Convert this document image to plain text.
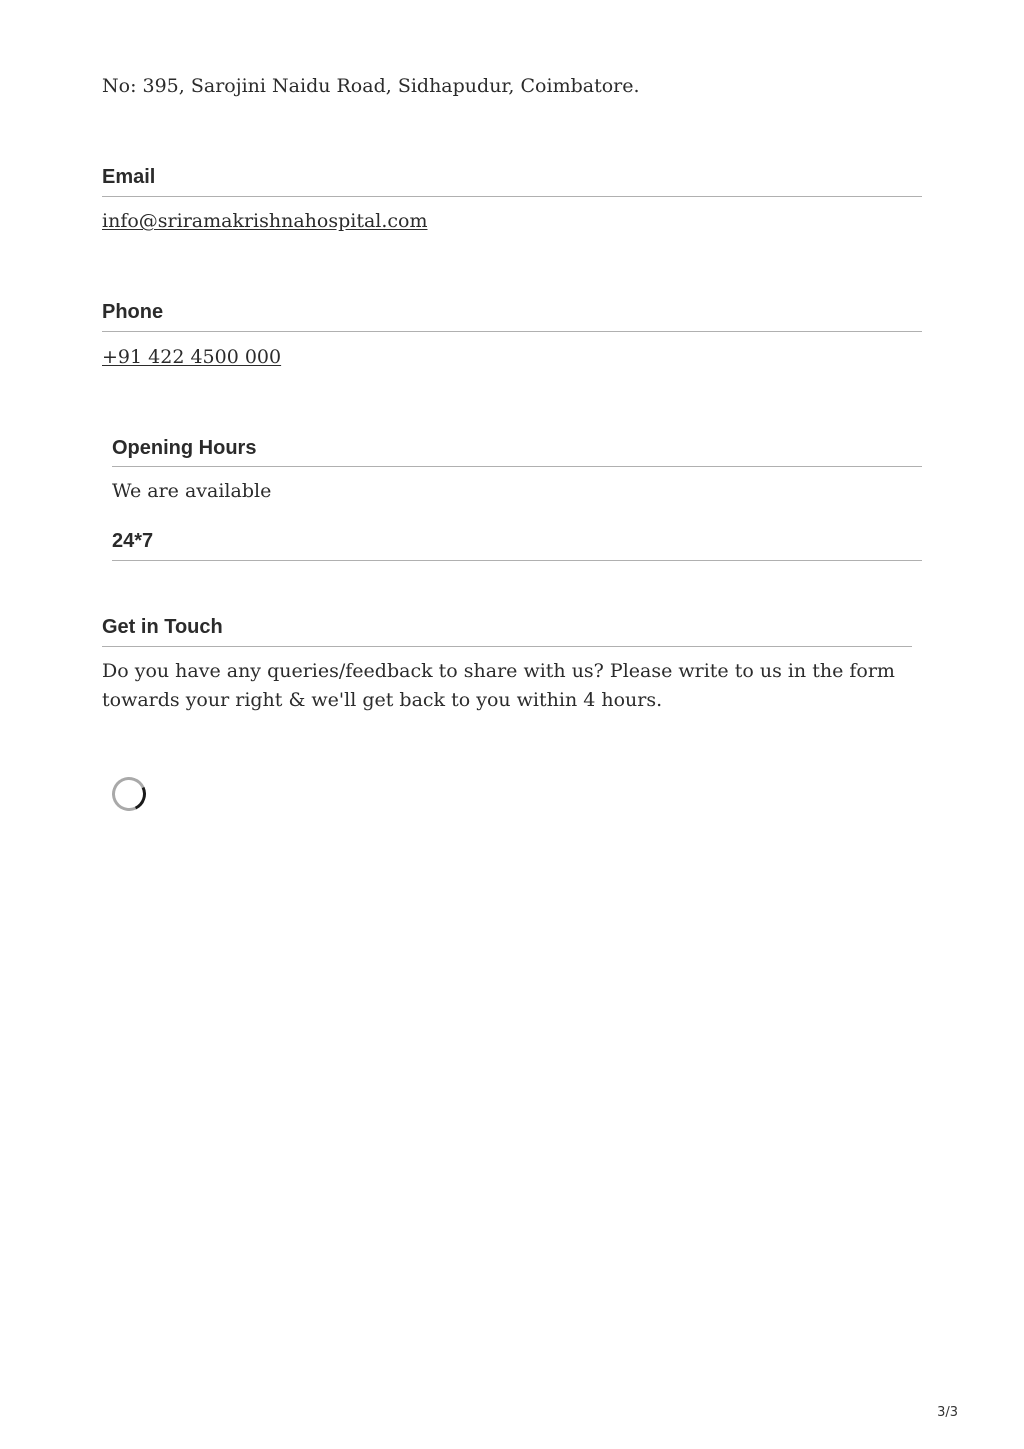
No: 395, Sarojini Naidu Road, Sidhapudur, Coimbatore.

Email
info@sriramakrishnahospital.com
Phone
+91 422 4500 000
Opening Hours

We are available

24*7
Get in Touch

Do you have any queries/feedback to share with us? Please write to us in the form towards your right & we'll get back to you within 4 hours.

3/3
